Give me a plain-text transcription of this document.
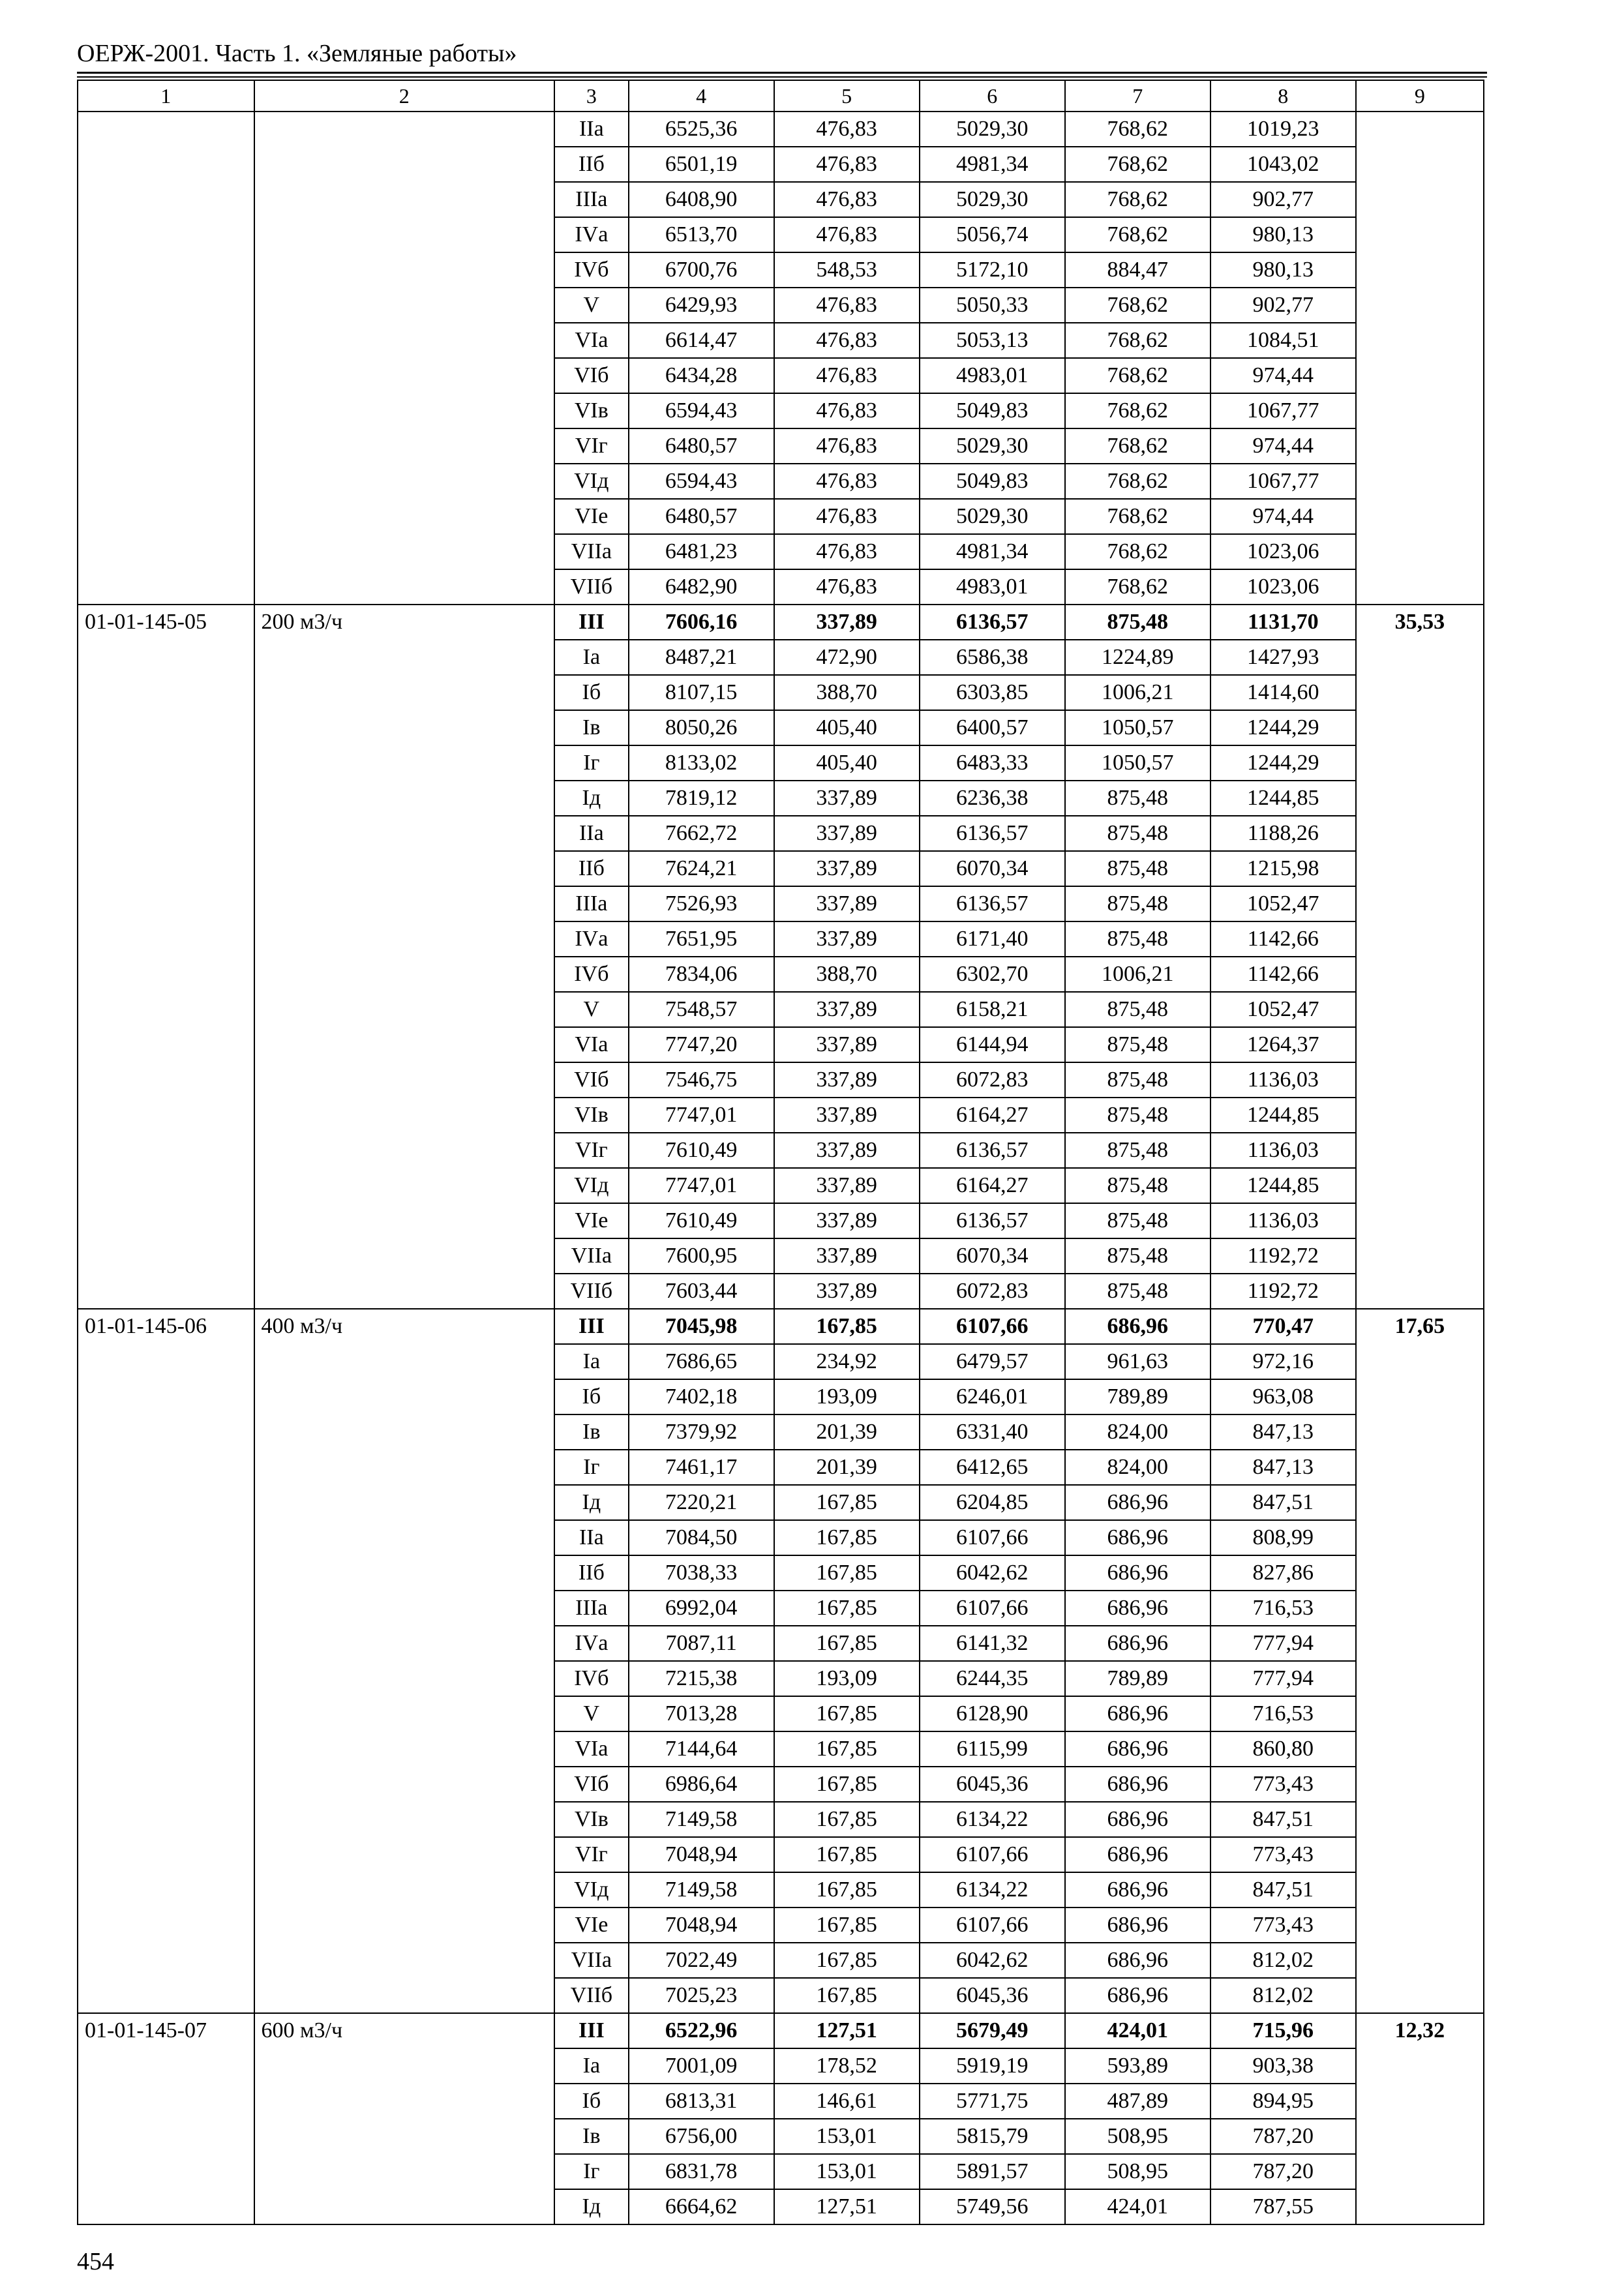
ОЕРЖ-2001. Часть 1. «Земляные работы»
1	2	3	4	5	6	7	8	9
		IIа	6525,36	476,83	5029,30	768,62	1019,23	
		IIб	6501,19	476,83	4981,34	768,62	1043,02	
		IIIа	6408,90	476,83	5029,30	768,62	902,77	
		IVа	6513,70	476,83	5056,74	768,62	980,13	
		IVб	6700,76	548,53	5172,10	884,47	980,13	
		V	6429,93	476,83	5050,33	768,62	902,77	
		VIа	6614,47	476,83	5053,13	768,62	1084,51	
		VIб	6434,28	476,83	4983,01	768,62	974,44	
		VIв	6594,43	476,83	5049,83	768,62	1067,77	
		VIг	6480,57	476,83	5029,30	768,62	974,44	
		VIд	6594,43	476,83	5049,83	768,62	1067,77	
		VIе	6480,57	476,83	5029,30	768,62	974,44	
		VIIа	6481,23	476,83	4981,34	768,62	1023,06	
		VIIб	6482,90	476,83	4983,01	768,62	1023,06	
01-01-145-05	200 м3/ч	III	7606,16	337,89	6136,57	875,48	1131,70	35,53
		Iа	8487,21	472,90	6586,38	1224,89	1427,93	
		Iб	8107,15	388,70	6303,85	1006,21	1414,60	
		Iв	8050,26	405,40	6400,57	1050,57	1244,29	
		Iг	8133,02	405,40	6483,33	1050,57	1244,29	
		Iд	7819,12	337,89	6236,38	875,48	1244,85	
		IIа	7662,72	337,89	6136,57	875,48	1188,26	
		IIб	7624,21	337,89	6070,34	875,48	1215,98	
		IIIа	7526,93	337,89	6136,57	875,48	1052,47	
		IVа	7651,95	337,89	6171,40	875,48	1142,66	
		IVб	7834,06	388,70	6302,70	1006,21	1142,66	
		V	7548,57	337,89	6158,21	875,48	1052,47	
		VIа	7747,20	337,89	6144,94	875,48	1264,37	
		VIб	7546,75	337,89	6072,83	875,48	1136,03	
		VIв	7747,01	337,89	6164,27	875,48	1244,85	
		VIг	7610,49	337,89	6136,57	875,48	1136,03	
		VIд	7747,01	337,89	6164,27	875,48	1244,85	
		VIе	7610,49	337,89	6136,57	875,48	1136,03	
		VIIа	7600,95	337,89	6070,34	875,48	1192,72	
		VIIб	7603,44	337,89	6072,83	875,48	1192,72	
01-01-145-06	400 м3/ч	III	7045,98	167,85	6107,66	686,96	770,47	17,65
		Iа	7686,65	234,92	6479,57	961,63	972,16	
		Iб	7402,18	193,09	6246,01	789,89	963,08	
		Iв	7379,92	201,39	6331,40	824,00	847,13	
		Iг	7461,17	201,39	6412,65	824,00	847,13	
		Iд	7220,21	167,85	6204,85	686,96	847,51	
		IIа	7084,50	167,85	6107,66	686,96	808,99	
		IIб	7038,33	167,85	6042,62	686,96	827,86	
		IIIа	6992,04	167,85	6107,66	686,96	716,53	
		IVа	7087,11	167,85	6141,32	686,96	777,94	
		IVб	7215,38	193,09	6244,35	789,89	777,94	
		V	7013,28	167,85	6128,90	686,96	716,53	
		VIа	7144,64	167,85	6115,99	686,96	860,80	
		VIб	6986,64	167,85	6045,36	686,96	773,43	
		VIв	7149,58	167,85	6134,22	686,96	847,51	
		VIг	7048,94	167,85	6107,66	686,96	773,43	
		VIд	7149,58	167,85	6134,22	686,96	847,51	
		VIе	7048,94	167,85	6107,66	686,96	773,43	
		VIIа	7022,49	167,85	6042,62	686,96	812,02	
		VIIб	7025,23	167,85	6045,36	686,96	812,02	
01-01-145-07	600 м3/ч	III	6522,96	127,51	5679,49	424,01	715,96	12,32
		Iа	7001,09	178,52	5919,19	593,89	903,38	
		Iб	6813,31	146,61	5771,75	487,89	894,95	
		Iв	6756,00	153,01	5815,79	508,95	787,20	
		Iг	6831,78	153,01	5891,57	508,95	787,20	
		Iд	6664,62	127,51	5749,56	424,01	787,55	
454
